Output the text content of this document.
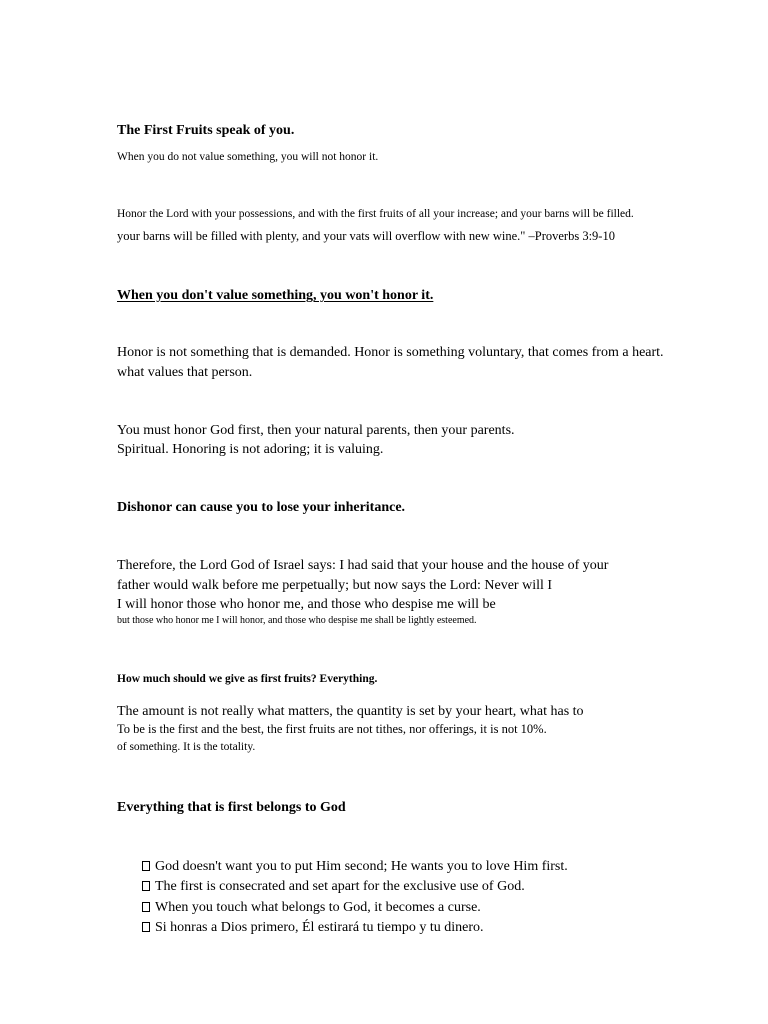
The First Fruits speak of you.

When you do not value something, you will not honor it.

Honor the Lord with your possessions, and with the first fruits of all your increase; and your barns will be filled.

your barns will be filled with plenty, and your vats will overflow with new wine." –Proverbs 3:9-10

When you don't value something, you won't honor it.

Honor is not something that is demanded. Honor is something voluntary, that comes from a heart.

what values that person.

You must honor God first, then your natural parents, then your parents.

Spiritual. Honoring is not adoring; it is valuing.

Dishonor can cause you to lose your inheritance.

Therefore, the Lord God of Israel says: I had said that your house and the house of your

father would walk before me perpetually; but now says the Lord: Never will I

I will honor those who honor me, and those who despise me will be

but those who honor me I will honor, and those who despise me shall be lightly esteemed.

How much should we give as first fruits? Everything.

The amount is not really what matters, the quantity is set by your heart, what has to

To be is the first and the best, the first fruits are not tithes, nor offerings, it is not 10%.

of something. It is the totality.

Everything that is first belongs to God

God doesn't want you to put Him second; He wants you to love Him first.
The first is consecrated and set apart for the exclusive use of God.
When you touch what belongs to God, it becomes a curse.
Si honras a Dios primero, Él estirará tu tiempo y tu dinero.
